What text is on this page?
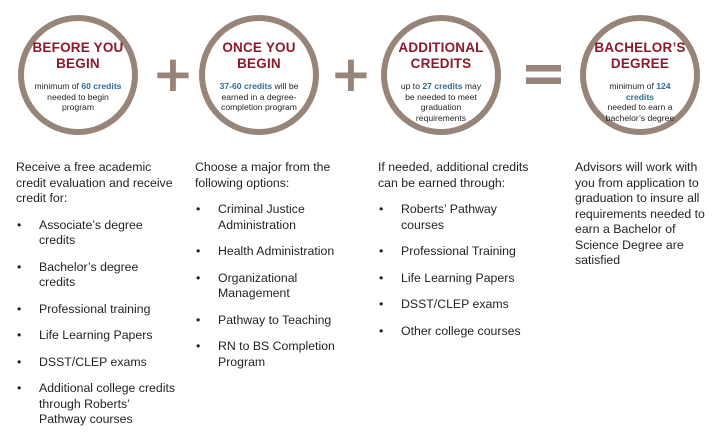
BEFORE YOU
BEGIN
minimum of 60 credits
needed to begin program
+ ONCE YOU
BEGIN
37-60 credits will be earned in a degree-completion program
+ ADDITIONAL
CREDITS
up to 27 credits may be needed to meet graduation requirements
= BACHELOR’S
DEGREE
minimum of 124 credits
needed to earn a bachelor’s degree

Receive a free academic credit evaluation and receive credit for:

• Associate’s degree credits
• Bachelor’s degree credits
• Professional training
• Life Learning Papers
• DSST/CLEP exams
• Additional college credits through Roberts’ Pathway courses

Choose a major from the following options:

• Criminal Justice Administration
• Health Administration
• Organizational Management
• Pathway to Teaching
• RN to BS Completion Program

If needed, additional credits can be earned through:

• Roberts’ Pathway courses
• Professional Training
• Life Learning Papers
• DSST/CLEP exams
• Other college courses

Advisors will work with you from application to graduation to insure all requirements needed to earn a Bachelor of Science Degree are satisfied
